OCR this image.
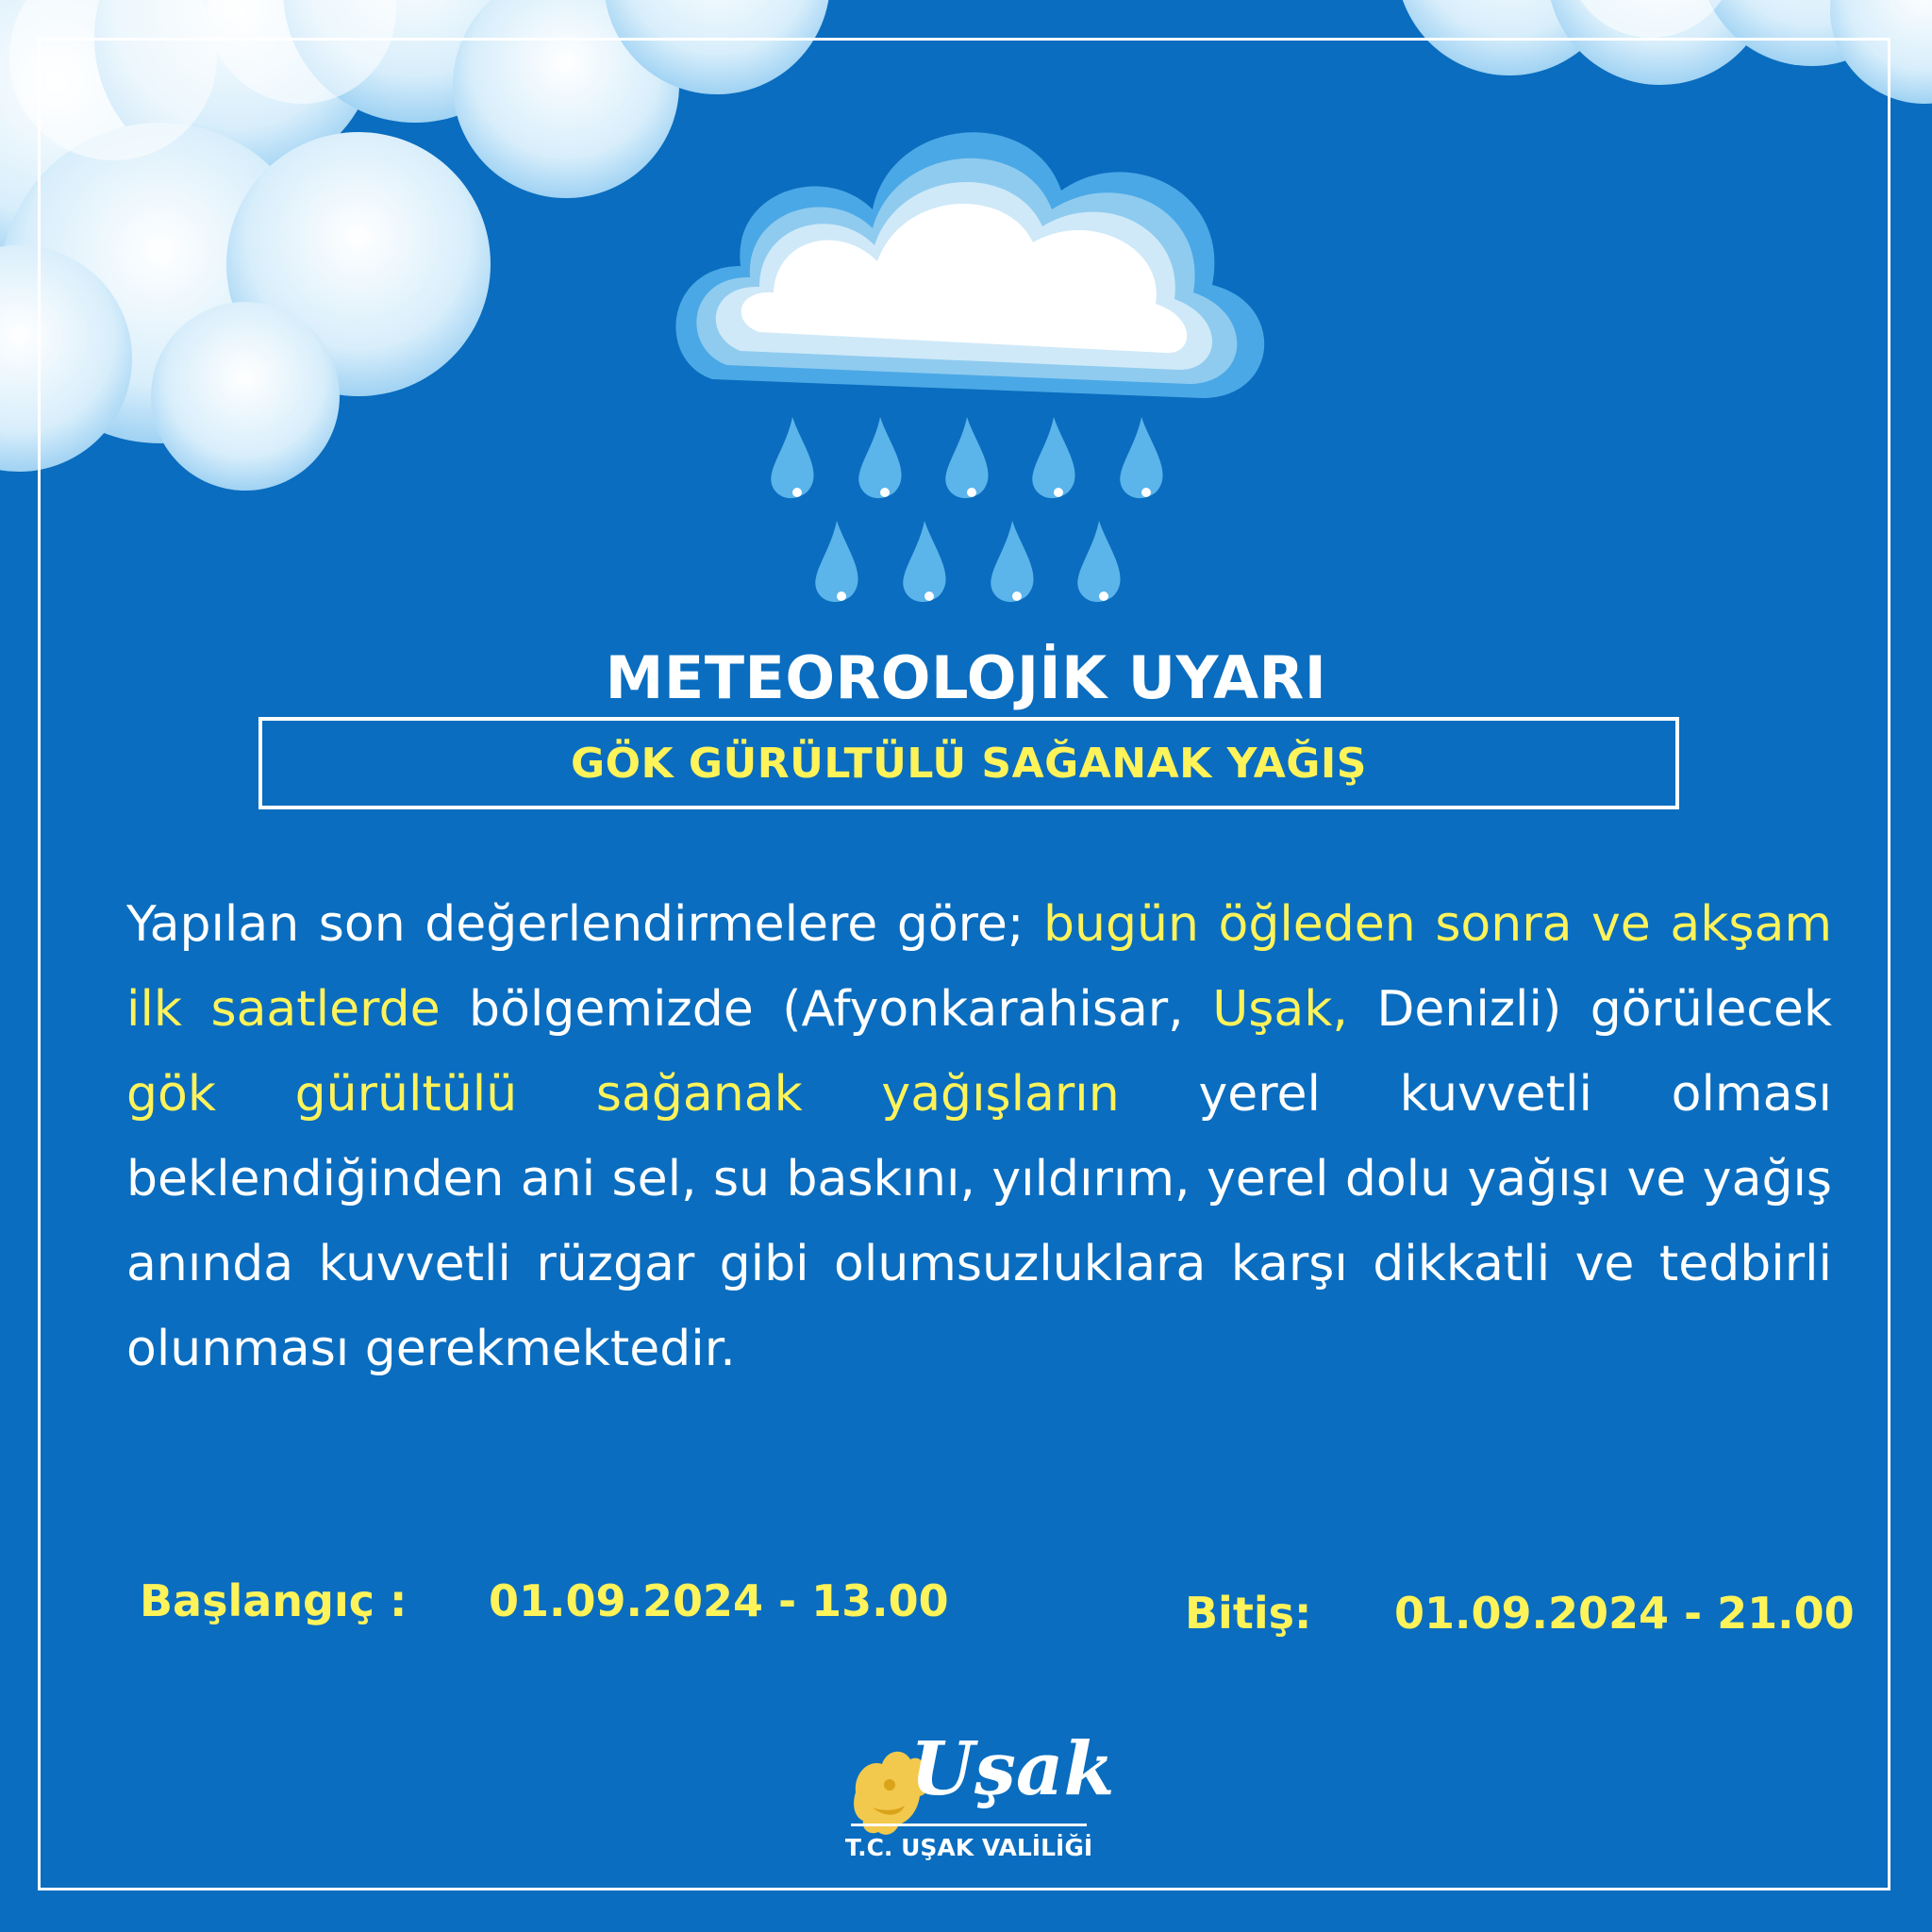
METEOROLOJİK UYARI
GÖK GÜRÜLTÜLÜ SAĞANAK YAĞIŞ
Yapılan son değerlendirmelere göre; bugün öğleden sonra ve akşam ilk saatlerde bölgemizde (Afyonkarahisar, Uşak, Denizli) görülecek gök gürültülü sağanak yağışların yerel kuvvetli olması beklendiğinden ani sel, su baskını, yıldırım, yerel dolu yağışı ve yağış anında kuvvetli rüzgar gibi olumsuzluklara karşı dikkatli ve tedbirli olunması gerekmektedir.
Başlangıç : 01.09.2024 - 13.00	Bitiş: 01.09.2024 - 21.00
Uşak
T.C. UŞAK VALİLİĞİ
